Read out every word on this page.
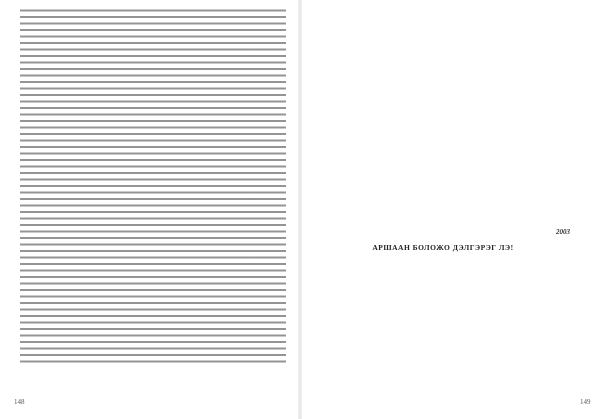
148
2003
АРШААН БОЛОЖО ДЭЛГЭРЭГ ЛЭ!
149
